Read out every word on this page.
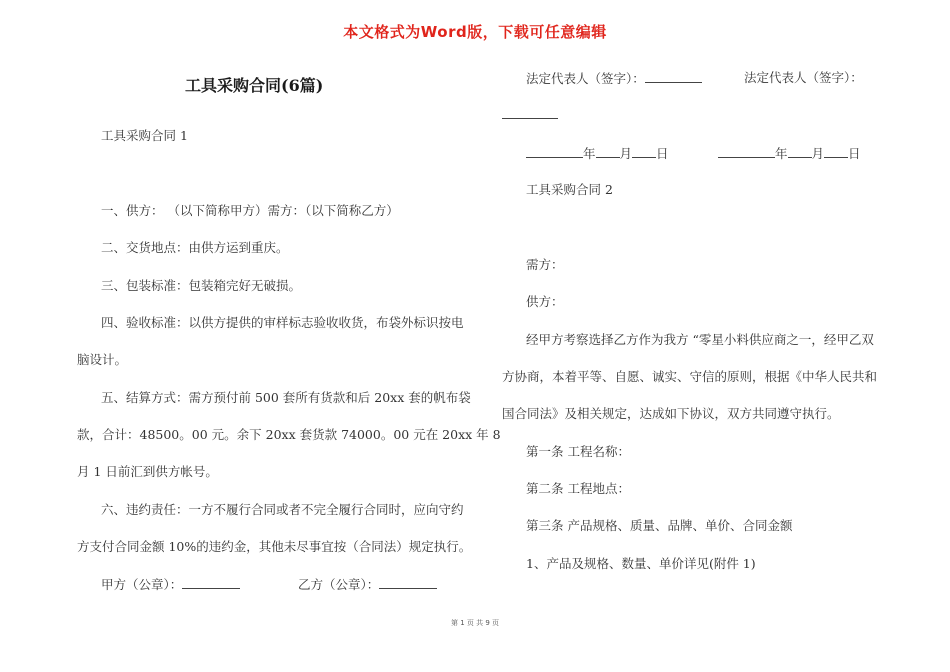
本文格式为Word版，下载可任意编辑
工具采购合同(6篇)
工具采购合同 1
一、供方： （以下简称甲方）需方：（以下简称乙方）
二、交货地点：由供方运到重庆。
三、包装标准：包装箱完好无破损。
四、验收标准：以供方提供的审样标志验收收货，布袋外标识按电
脑设计。
五、结算方式：需方预付前 500 套所有货款和后 20xx 套的帆布袋
款，合计：48500。00 元。余下 20xx 套货款 74000。00 元在 20xx 年 8
月 1 日前汇到供方帐号。
六、违约责任：一方不履行合同或者不完全履行合同时，应向守约
方支付合同金额 10%的违约金，其他未尽事宜按（合同法）规定执行。
甲方（公章）：	乙方（公章）：
法定代表人（签字）：	法定代表人（签字）：
年 月 日	年 月 日
工具采购合同 2
需方：
供方：
经甲方考察选择乙方作为我方 “零星小料供应商之一，经甲乙双
方协商，本着平等、自愿、诚实、守信的原则，根据《中华人民共和
国合同法》及相关规定，达成如下协议，双方共同遵守执行。
第一条 工程名称：
第二条 工程地点：
第三条 产品规格、质量、品牌、单价、合同金额
1、产品及规格、数量、单价详见(附件 1)
第 1 页 共 9 页
